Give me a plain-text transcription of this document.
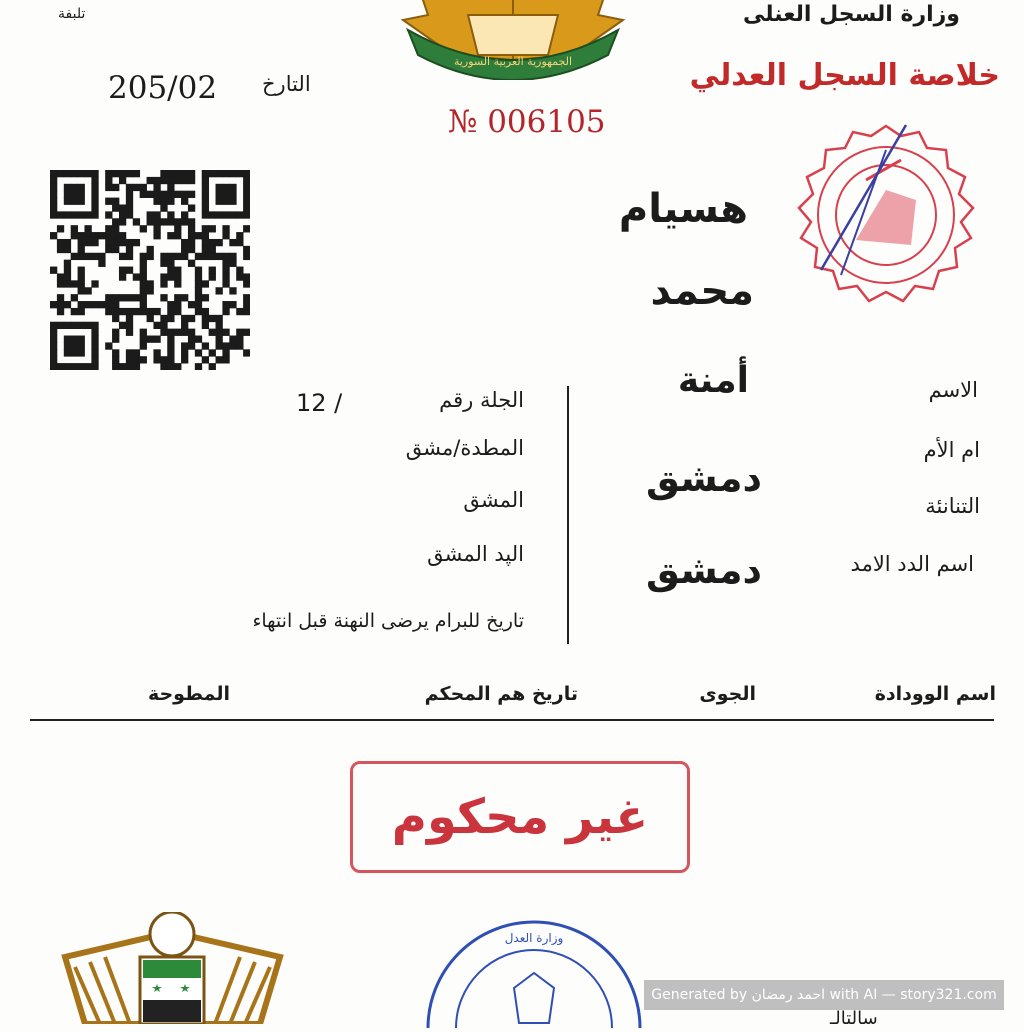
تلبفة	وزارة السجل العنلى
خلاصة السجل العدلي
التارخ
205/02
№ 006105
الجمهورية العربية السورية
هسيام
محمد
أمنة
دمشق
دمشق
الاسم
ام الأم
التنانئة
اسم الدد الامد
الجلة رقم
/ 12
المطدة/مشق
المشق
الپد المشق
تاريخ للبرام يرضى النهنة قبل انتهاء
اسم الوودادة
الجوى
تاريخ هم المحكم
المطوحة
غير محكوم
وزارة العدل
Generated by احمد رمضان with AI — story321.com
سالتالـ
